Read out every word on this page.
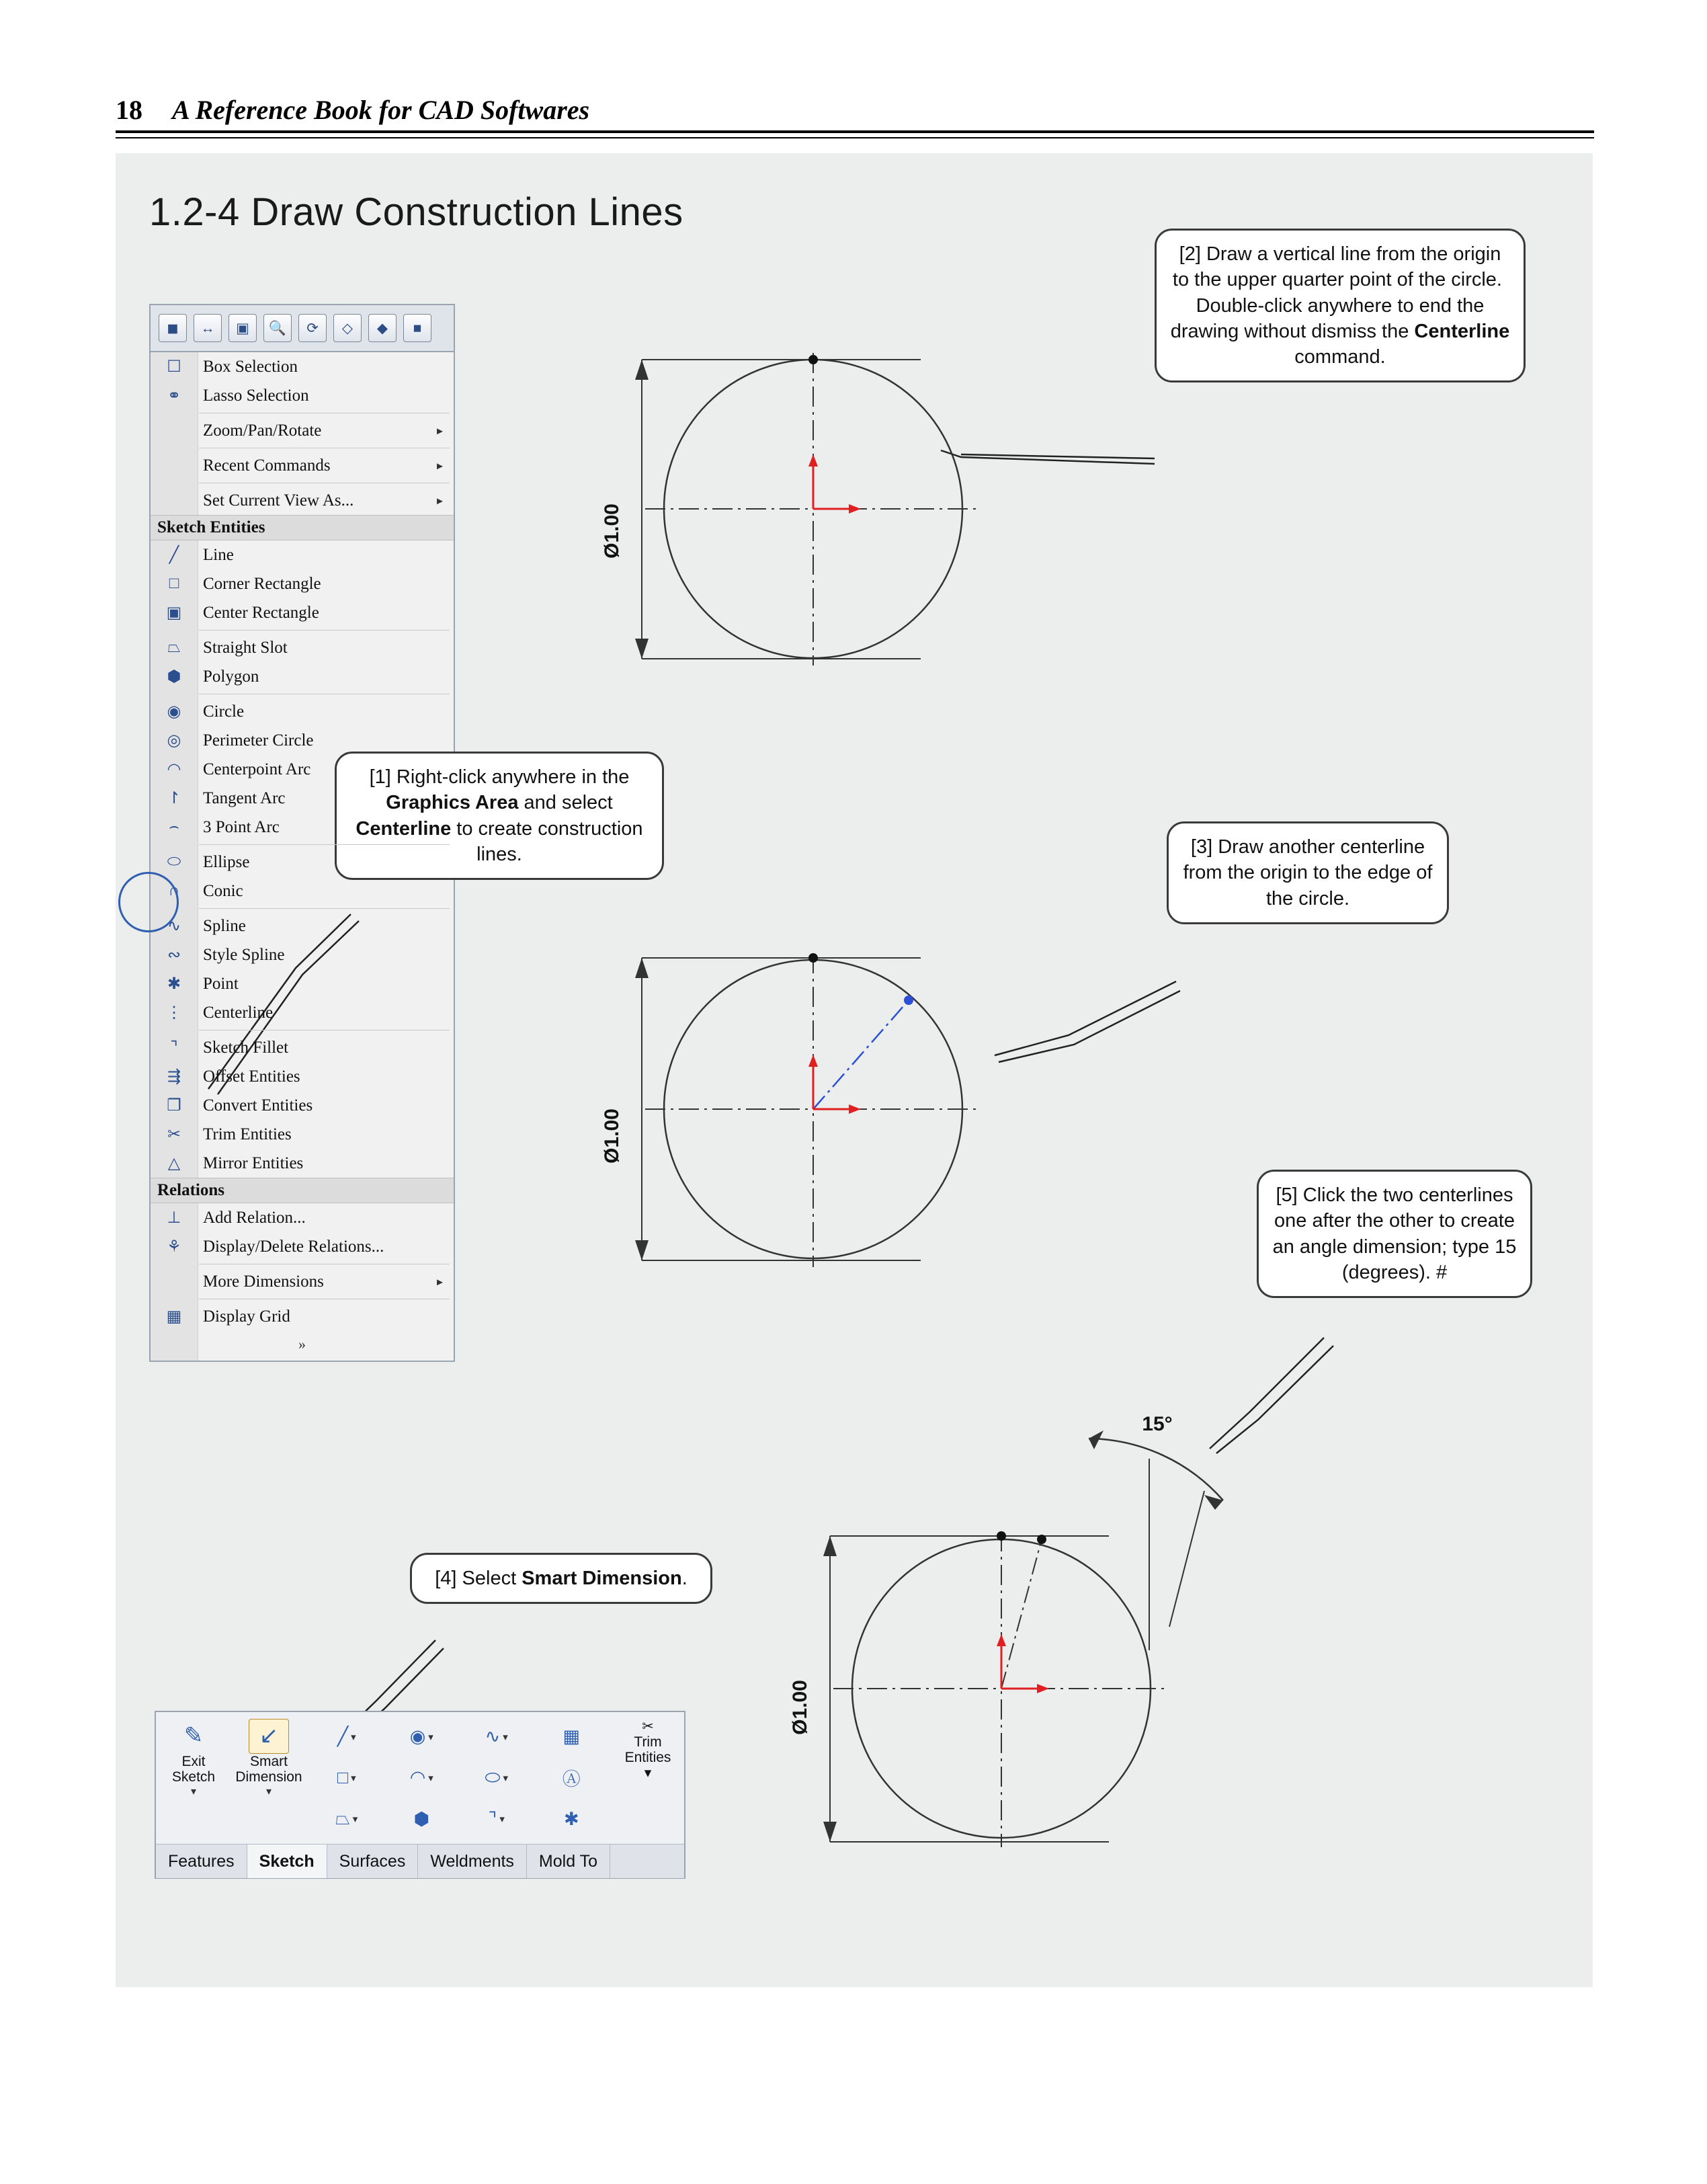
18 A Reference Book for CAD Softwares
1.2-4 Draw Construction Lines
◼	↔	▣	🔍	⟳	◇	◆	■
☐	Box Selection
⚭	Lasso Selection
Zoom/Pan/Rotate	▸
Recent Commands	▸
Set Current View As...	▸
Sketch Entities
╱	Line
□	Corner Rectangle
▣	Center Rectangle
⏢	Straight Slot
⬢	Polygon
◉	Circle
◎	Perimeter Circle
◠	Centerpoint Arc
↾	Tangent Arc
⌢	3 Point Arc
⬭	Ellipse
∩	Conic
∿	Spline
∾	Style Spline
✱	Point
⋮	Centerline
⌝	Sketch Fillet
⇶	Offset Entities
❐	Convert Entities
✂	Trim Entities
△	Mirror Entities
Relations
⊥	Add Relation...
⚘	Display/Delete Relations...
More Dimensions	▸
▦	Display Grid
»
[2] Draw a vertical line from the origin to the upper quarter point of the circle.  Double-click anywhere to end the drawing without dismiss the Centerline command.
[1] Right-click anywhere in the Graphics Area and select Centerline to create construction lines.	[3] Draw another centerline from the origin to the edge of the circle.
[5] Click the two centerlines one after the other to create an angle dimension; type 15 (degrees). #
[4] Select Smart Dimension.
Ø1.00
Ø1.00
15°
Ø1.00
✎
Exit
Sketch
▾
↙
Smart
Dimension
▾
╱ ▾	◉ ▾	∿ ▾	▦
□ ▾	◠ ▾	⬭ ▾	Ⓐ
⏢ ▾	⬢	⌝ ▾	✱
✂
Trim
Entities
▾
Features	Sketch	Surfaces	Weldments	Mold To
